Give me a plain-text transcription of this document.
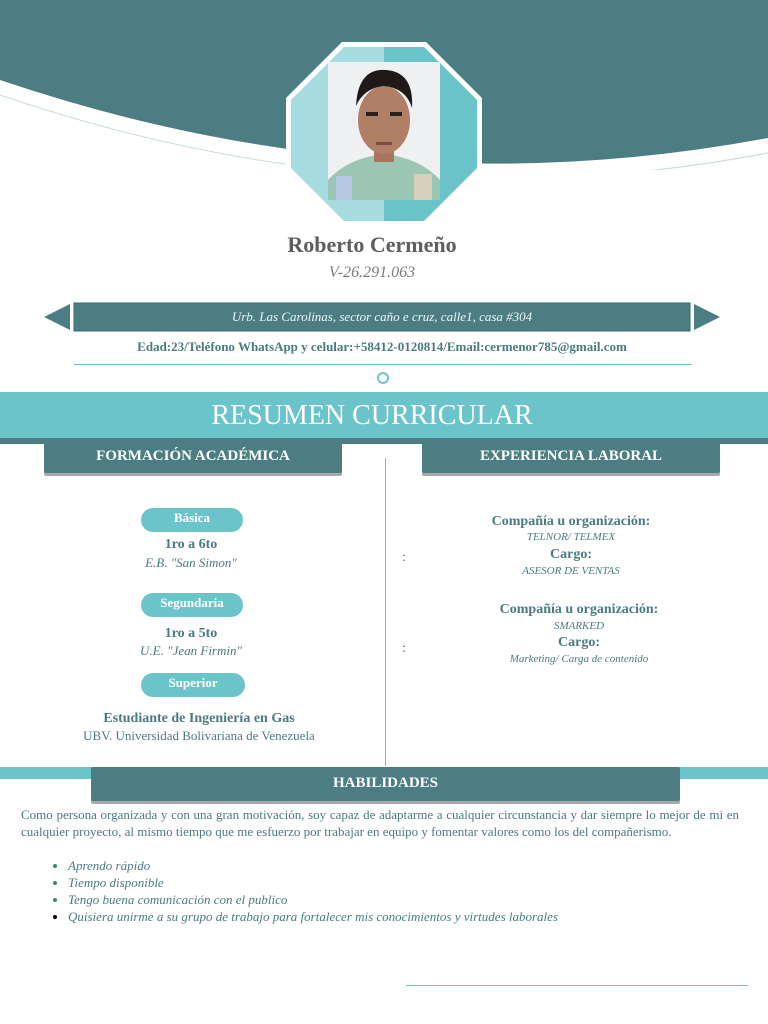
Roberto Cermeño
V-26.291.063
Urb. Las Carolinas, sector caño e cruz, calle1, casa #304
Edad:23/Teléfono WhatsApp y celular:+58412-0120814/Email:cermenor785@gmail.com
RESUMEN CURRICULAR
FORMACIÓN ACADÉMICA	EXPERIENCIA LABORAL
Básica
1ro a 6to
E.B. "San Simon"
Segundaria
1ro a 5to
U.E. "Jean Firmin"
Superior
Estudiante de Ingeniería en Gas
UBV. Universidad Bolivariana de Venezuela
:
Compañía u organización:
TELNOR/ TELMEX
Cargo:
ASESOR DE VENTAS
:
Compañía u organización:
SMARKED
Cargo:
Marketing/ Carga de contenido
HABILIDADES
Como persona organizada y con una gran motivación, soy capaz de adaptarme a cualquier circunstancia y dar siempre lo mejor de mi en cualquier proyecto, al mismo tiempo que me esfuerzo por trabajar en equipo y fomentar valores como los del compañerismo.
• Aprendo rápido
• Tiempo disponible
• Tengo buena comunicación con el publico
• Quisiera unirme a su grupo de trabajo para fortalecer mis conocimientos y virtudes laborales
